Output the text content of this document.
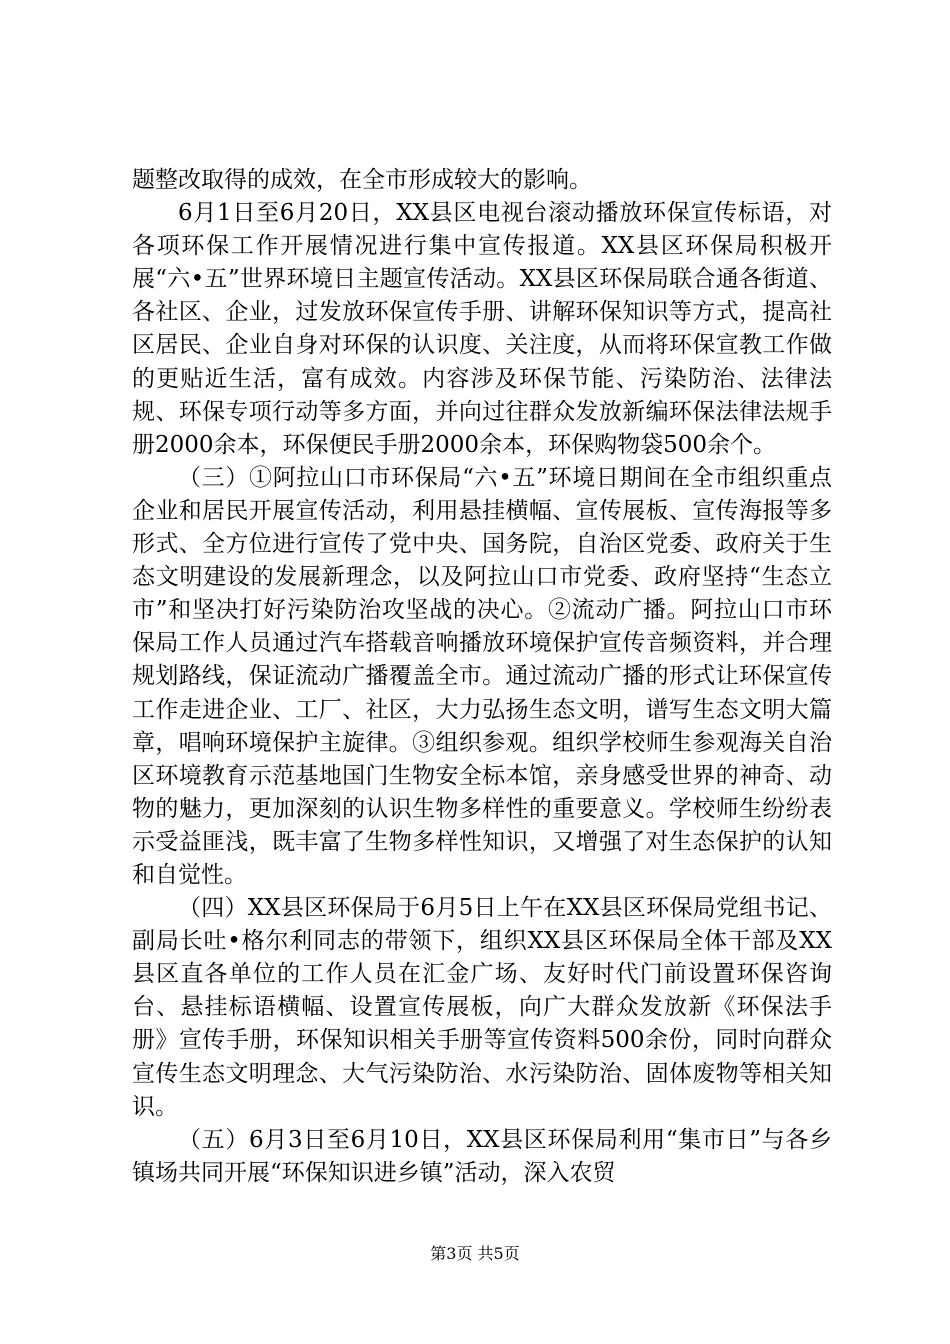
题整改取得的成效，在全市形成较大的影响。

6月1日至6月20日，XX县区电视台滚动播放环保宣传标语，对各项环保工作开展情况进行集中宣传报道。XX县区环保局积极开展“六•五”世界环境日主题宣传活动。XX县区环保局联合通各街道、各社区、企业，过发放环保宣传手册、讲解环保知识等方式，提高社区居民、企业自身对环保的认识度、关注度，从而将环保宣教工作做的更贴近生活，富有成效。内容涉及环保节能、污染防治、法律法规、环保专项行动等多方面，并向过往群众发放新编环保法律法规手册2000余本，环保便民手册2000余本，环保购物袋500余个。

（三）①阿拉山口市环保局“六•五”环境日期间在全市组织重点企业和居民开展宣传活动，利用悬挂横幅、宣传展板、宣传海报等多形式、全方位进行宣传了党中央、国务院，自治区党委、政府关于生态文明建设的发展新理念，以及阿拉山口市党委、政府坚持“生态立市”和坚决打好污染防治攻坚战的决心。②流动广播。阿拉山口市环保局工作人员通过汽车搭载音响播放环境保护宣传音频资料，并合理规划路线，保证流动广播覆盖全市。通过流动广播的形式让环保宣传工作走进企业、工厂、社区，大力弘扬生态文明，谱写生态文明大篇章，唱响环境保护主旋律。③组织参观。组织学校师生参观海关自治区环境教育示范基地国门生物安全标本馆，亲身感受世界的神奇、动物的魅力，更加深刻的认识生物多样性的重要意义。学校师生纷纷表示受益匪浅，既丰富了生物多样性知识，又增强了对生态保护的认知和自觉性。

（四）XX县区环保局于6月5日上午在XX县区环保局党组书记、副局长吐•格尔利同志的带领下，组织XX县区环保局全体干部及XX县区直各单位的工作人员在汇金广场、友好时代门前设置环保咨询台、悬挂标语横幅、设置宣传展板，向广大群众发放新《环保法手册》宣传手册，环保知识相关手册等宣传资料500余份，同时向群众宣传生态文明理念、大气污染防治、水污染防治、固体废物等相关知识。

（五）6月3日至6月10日，XX县区环保局利用“集市日”与各乡镇场共同开展“环保知识进乡镇”活动，深入农贸

第3页 共5页
